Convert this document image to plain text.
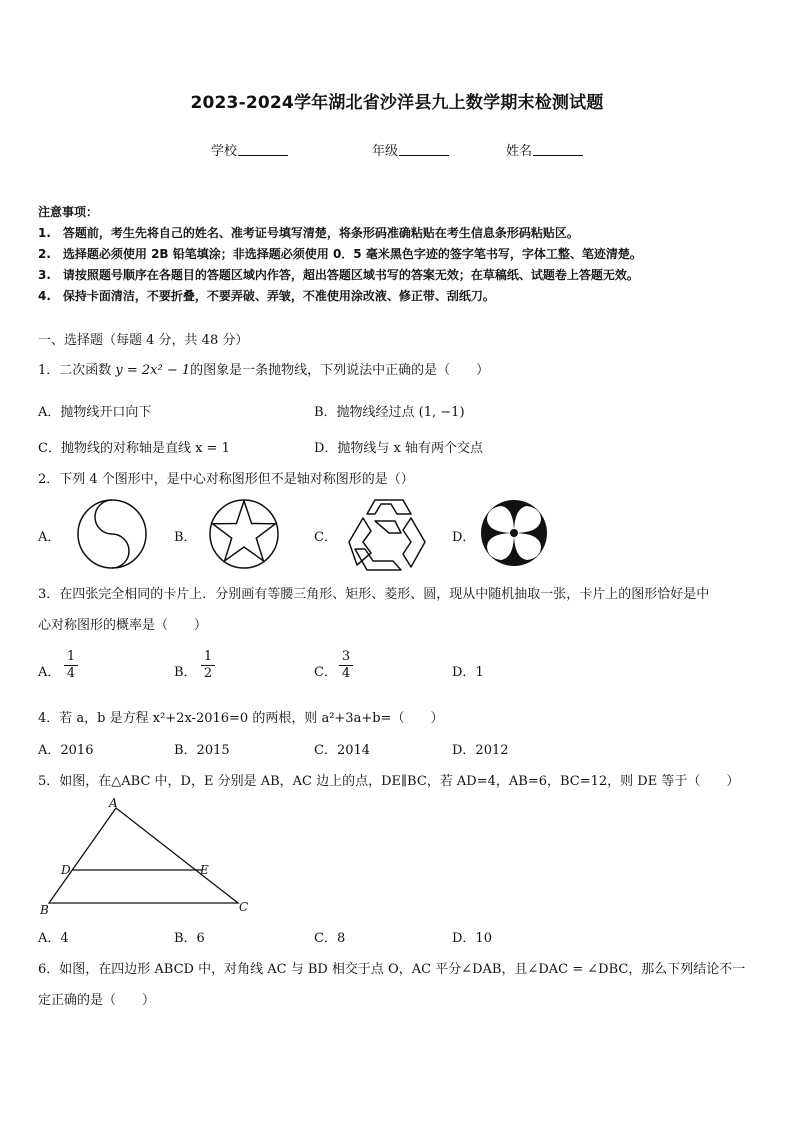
2023-2024学年湖北省沙洋县九上数学期末检测试题
学校	年级	姓名
注意事项：
1.　答题前，考生先将自己的姓名、准考证号填写清楚，将条形码准确粘贴在考生信息条形码粘贴区。
2.　选择题必须使用 2B 铅笔填涂；非选择题必须使用 0．5 毫米黑色字迹的签字笔书写，字体工整、笔迹清楚。
3.　请按照题号顺序在各题目的答题区域内作答，超出答题区域书写的答案无效；在草稿纸、试题卷上答题无效。
4.　保持卡面清洁，不要折叠，不要弄破、弄皱，不准使用涂改液、修正带、刮纸刀。
一、选择题（每题 4 分，共 48 分）
1．二次函数 y = 2x² − 1的图象是一条抛物线，下列说法中正确的是（　　）
A．抛物线开口向下	B．抛物线经过点 (1, −1)
C．抛物线的对称轴是直线 x = 1	D．抛物线与 x 轴有两个交点
2．下列 4 个图形中，是中心对称图形但不是轴对称图形的是（）
A．	B．	C．	D．
3．在四张完全相同的卡片上．分别画有等腰三角形、矩形、菱形、圆，现从中随机抽取一张，卡片上的图形恰好是中
心对称图形的概率是（　　）
A． $\frac{1}{4}$	B． $\frac{1}{2}$	C． $\frac{3}{4}$	D．1
4．若 a，b 是方程 x²+2x-2016=0 的两根，则 a²+3a+b=（　　）
A．2016	B．2015	C．2014	D．2012
5．如图，在△ABC 中，D，E 分别是 AB，AC 边上的点，DE∥BC，若 AD=4，AB=6，BC=12，则 DE 等于（　　）
A
B	C
D	E
A．4	B．6	C．8	D．10
6．如图，在四边形 ABCD 中，对角线 AC 与 BD 相交于点 O，AC 平分∠DAB，且∠DAC = ∠DBC，那么下列结论不一
定正确的是（　　）
